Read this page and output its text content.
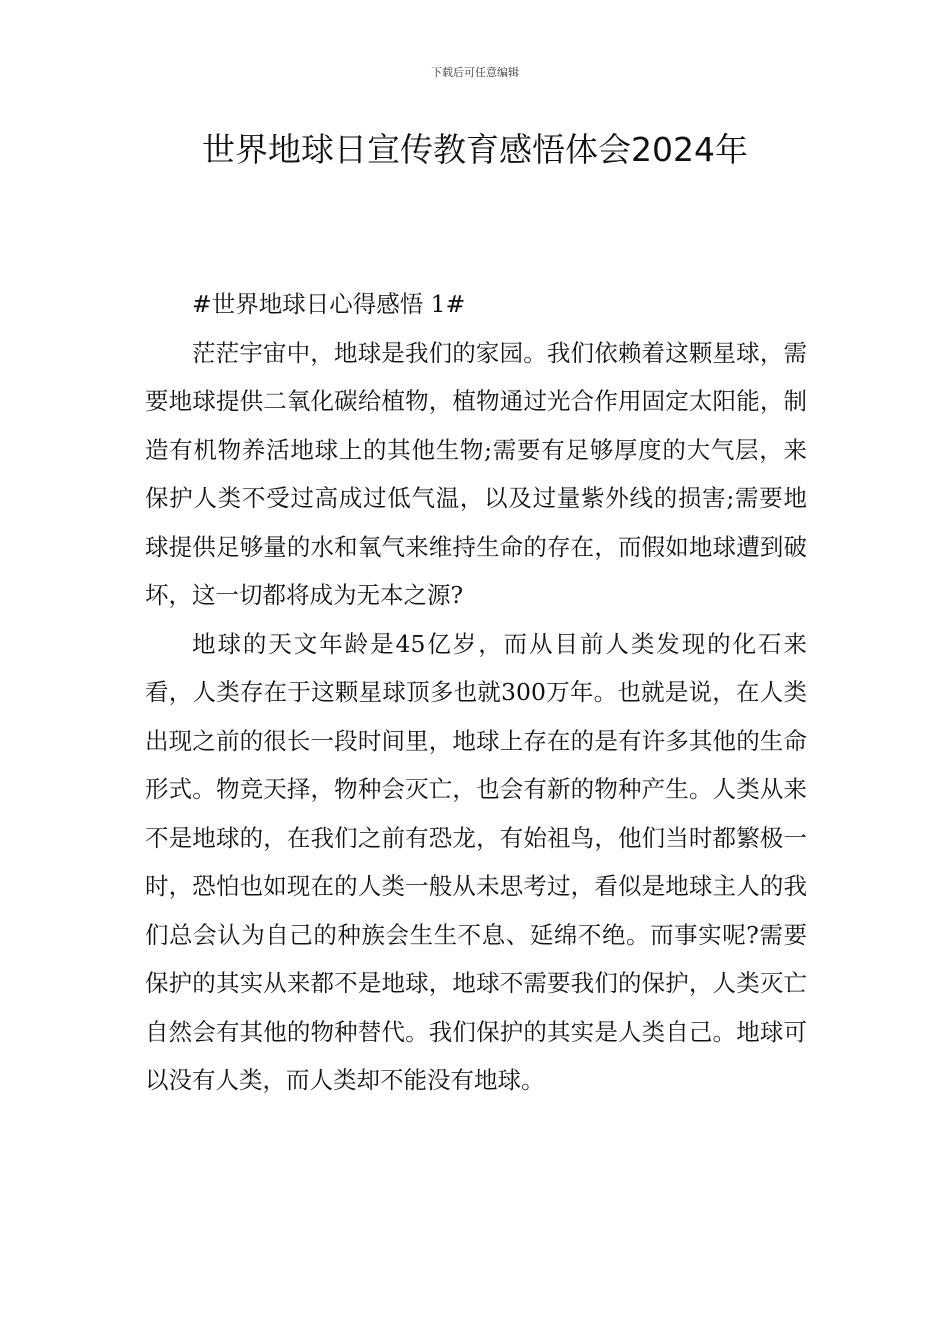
下载后可任意编辑
世界地球日宣传教育感悟体会2024年

#世界地球日心得感悟 1#

茫茫宇宙中，地球是我们的家园。我们依赖着这颗星球，需要地球提供二氧化碳给植物，植物通过光合作用固定太阳能，制造有机物养活地球上的其他生物;需要有足够厚度的大气层，来保护人类不受过高成过低气温，以及过量紫外线的损害;需要地球提供足够量的水和氧气来维持生命的存在，而假如地球遭到破坏，这一切都将成为无本之源?

地球的天文年龄是45亿岁，而从目前人类发现的化石来看，人类存在于这颗星球顶多也就300万年。也就是说，在人类出现之前的很长一段时间里，地球上存在的是有许多其他的生命形式。物竞天择，物种会灭亡，也会有新的物种产生。人类从来不是地球的，在我们之前有恐龙，有始祖鸟，他们当时都繁极一时，恐怕也如现在的人类一般从未思考过，看似是地球主人的我们总会认为自己的种族会生生不息、延绵不绝。而事实呢?需要保护的其实从来都不是地球，地球不需要我们的保护，人类灭亡自然会有其他的物种替代。我们保护的其实是人类自己。地球可以没有人类，而人类却不能没有地球。
